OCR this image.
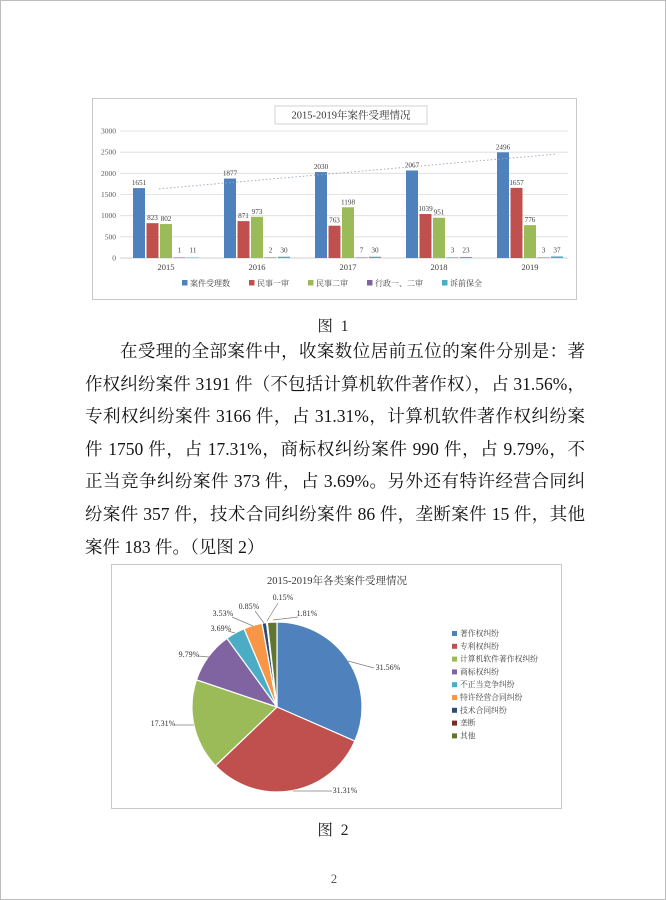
0
500
1000
1500
2000
2500
3000
2015-2019年案件受理情况
2015
1651
823 802
1 11
2016
1877
871
973
2 30
2017
2030
763
1198
7 30
2018
2067
1039 951
3 23
2019
2496
1657
776
3 37
案件受理数	民事一审	民事二审	行政一、二审	诉前保全
图 1

在受理的全部案件中，收案数位居前五位的案件分别是：著作权纠纷案件 3191 件（不包括计算机软件著作权），占 31.56%，专利权纠纷案件 3166 件，占 31.31%，计算机软件著作权纠纷案件 1750 件，占 17.31%，商标权纠纷案件 990 件，占 9.79%，不正当竞争纠纷案件 373 件，占 3.69%。另外还有特许经营合同纠纷案件 357 件，技术合同纠纷案件 86 件，垄断案件 15 件，其他案件 183 件。（见图 2）

2015-2019年各类案件受理情况
31.56%
31.31%
17.31%
9.79%
3.69%
3.53%
0.85%
0.15%
1.81%
著作权纠纷
专利权纠纷
计算机软件著作权纠纷
商标权纠纷
不正当竞争纠纷
特许经营合同纠纷
技术合同纠纷
垄断
其他
图 2
2
